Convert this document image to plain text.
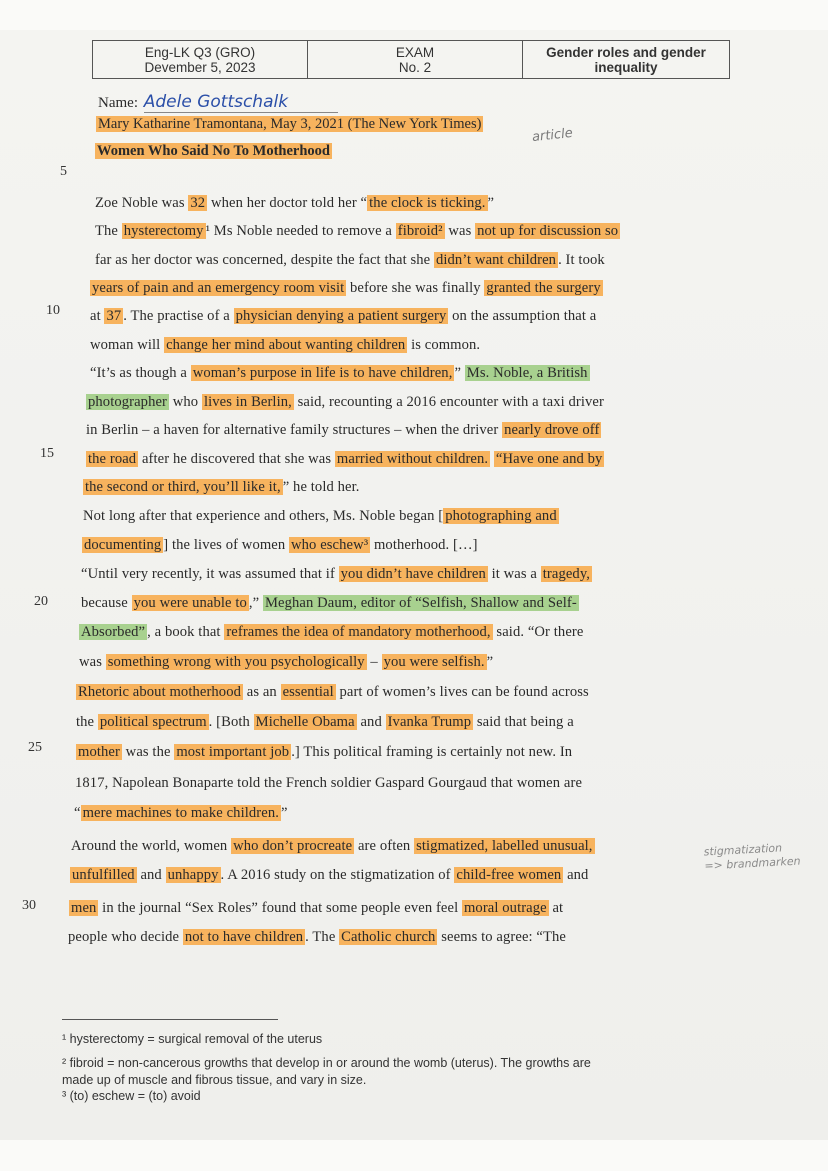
Eng-LK Q3 (GRO)
Devember 5, 2023
EXAM
No. 2
Gender roles and gender
inequality
Name: Adele Gottschalk
Mary Katharine Tramontana, May 3, 2021 (The New York Times)
article
Women Who Said No To Motherhood
Zoe Noble was 32 when her doctor told her “ the clock is ticking. ”
The hysterectomy ¹ Ms Noble needed to remove a fibroid² was not up for discussion so
far as her doctor was concerned, despite the fact that she didn’t want children . It took
years of pain and an emergency room visit before she was finally granted the surgery
at 37 . The practise of a physician denying a patient surgery on the assumption that a
woman will change her mind about wanting children is common.
“It’s as though a woman’s purpose in life is to have children, ” Ms. Noble, a British
photographer who lives in Berlin, said, recounting a 2016 encounter with a taxi driver
in Berlin – a haven for alternative family structures – when the driver nearly drove off
the road after he discovered that she was married without children. “Have one and by
the second or third, you’ll like it, ” he told her.
Not long after that experience and others, Ms. Noble began [ photographing and
documenting ] the lives of women who eschew³ motherhood. […]
“Until very recently, it was assumed that if you didn’t have children it was a tragedy,
because you were unable to ,” Meghan Daum, editor of “Selfish, Shallow and Self-
Absorbed” , a book that reframes the idea of mandatory motherhood, said. “Or there
was something wrong with you psychologically – you were selfish. ”
Rhetoric about motherhood as an essential part of women’s lives can be found across
the political spectrum . [Both Michelle Obama and Ivanka Trump said that being a
mother was the most important job .] This political framing is certainly not new. In
1817, Napolean Bonaparte told the French soldier Gaspard Gourgaud that women are
“ mere machines to make children. ”
Around the world, women who don’t procreate are often stigmatized, labelled unusual,
unfulfilled and unhappy . A 2016 study on the stigmatization of child-free women and
men in the journal “Sex Roles” found that some people even feel moral outrage at
people who decide not to have children . The Catholic church seems to agree: “The
5
10
15
20
25
30
stigmatization
=> brandmarken
¹ hysterectomy = surgical removal of the uterus
² fibroid = non-cancerous growths that develop in or around the womb (uterus). The growths are
made up of muscle and fibrous tissue, and vary in size.
³ (to) eschew = (to) avoid
